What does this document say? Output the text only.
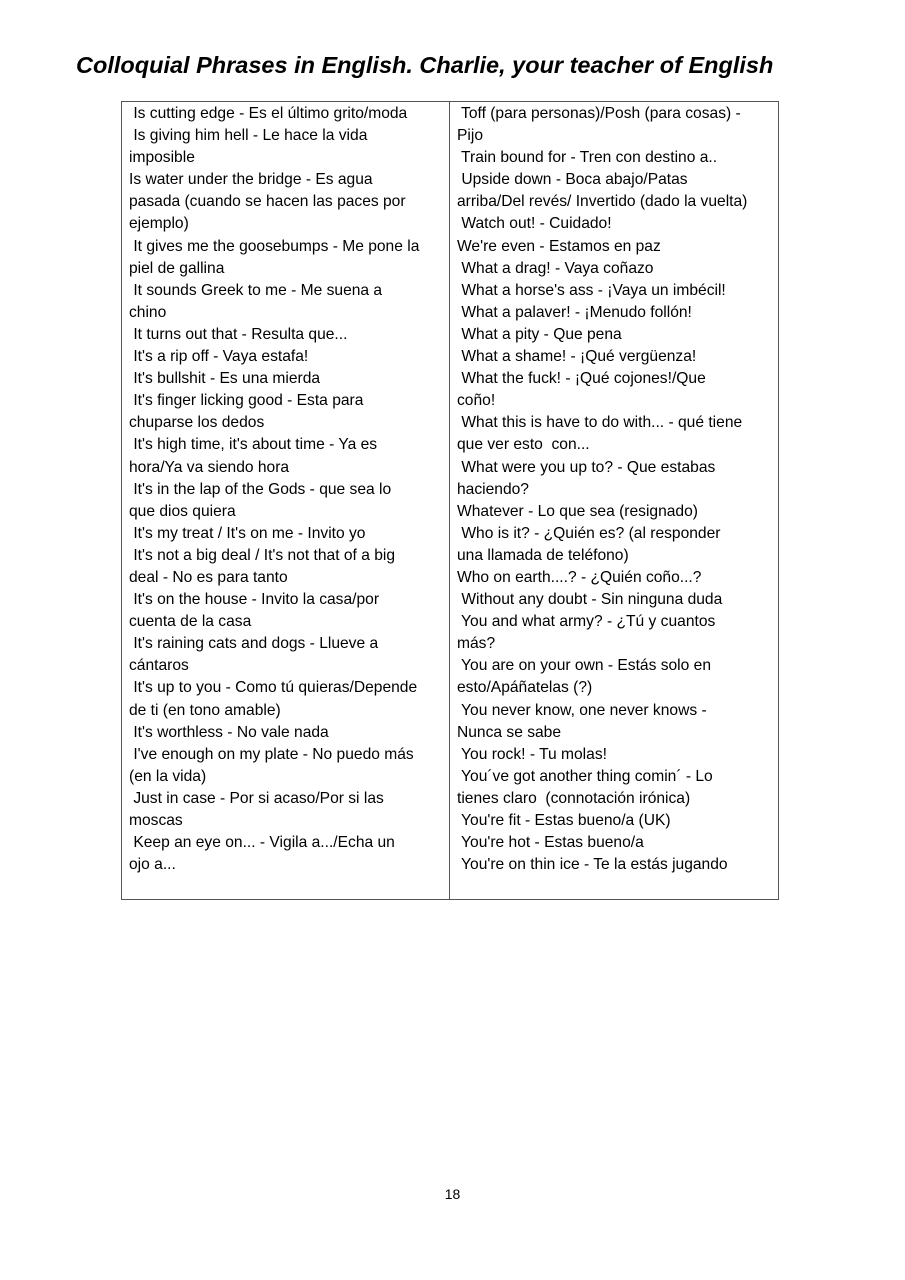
Colloquial Phrases in English. Charlie, your teacher of English
Is cutting edge - Es el último grito/moda
Is giving him hell - Le hace la vida
imposible
Is water under the bridge - Es agua
pasada (cuando se hacen las paces por
ejemplo)
It gives me the goosebumps - Me pone la
piel de gallina
It sounds Greek to me - Me suena a
chino
It turns out that - Resulta que...
It's a rip off - Vaya estafa!
It's bullshit - Es una mierda
It's finger licking good - Esta para
chuparse los dedos
It's high time, it's about time - Ya es
hora/Ya va siendo hora
It's in the lap of the Gods - que sea lo
que dios quiera
It's my treat / It's on me - Invito yo
It's not a big deal / It's not that of a big
deal - No es para tanto
It's on the house - Invito la casa/por
cuenta de la casa
It's raining cats and dogs - Llueve a
cántaros
It's up to you - Como tú quieras/Depende
de ti (en tono amable)
It's worthless - No vale nada
I've enough on my plate - No puedo más
(en la vida)
Just in case - Por si acaso/Por si las
moscas
Keep an eye on... - Vigila a.../Echa un
ojo a...
Toff (para personas)/Posh (para cosas) -
Pijo
Train bound for - Tren con destino a..
Upside down - Boca abajo/Patas
arriba/Del revés/ Invertido (dado la vuelta)
Watch out! - Cuidado!
We're even - Estamos en paz
What a drag! - Vaya coñazo
What a horse's ass - ¡Vaya un imbécil!
What a palaver! - ¡Menudo follón!
What a pity - Que pena
What a shame! - ¡Qué vergüenza!
What the fuck! - ¡Qué cojones!/Que
coño!
What this is have to do with... - qué tiene
que ver esto  con...
What were you up to? - Que estabas
haciendo?
Whatever - Lo que sea (resignado)
Who is it? - ¿Quién es? (al responder
una llamada de teléfono)
Who on earth....? - ¿Quién coño...?
Without any doubt - Sin ninguna duda
You and what army? - ¿Tú y cuantos
más?
You are on your own - Estás solo en
esto/Apáñatelas (?)
You never know, one never knows -
Nunca se sabe
You rock! - Tu molas!
You´ve got another thing comin´ - Lo
tienes claro  (connotación irónica)
You're fit - Estas bueno/a (UK)
You're hot - Estas bueno/a
You're on thin ice - Te la estás jugando
18
